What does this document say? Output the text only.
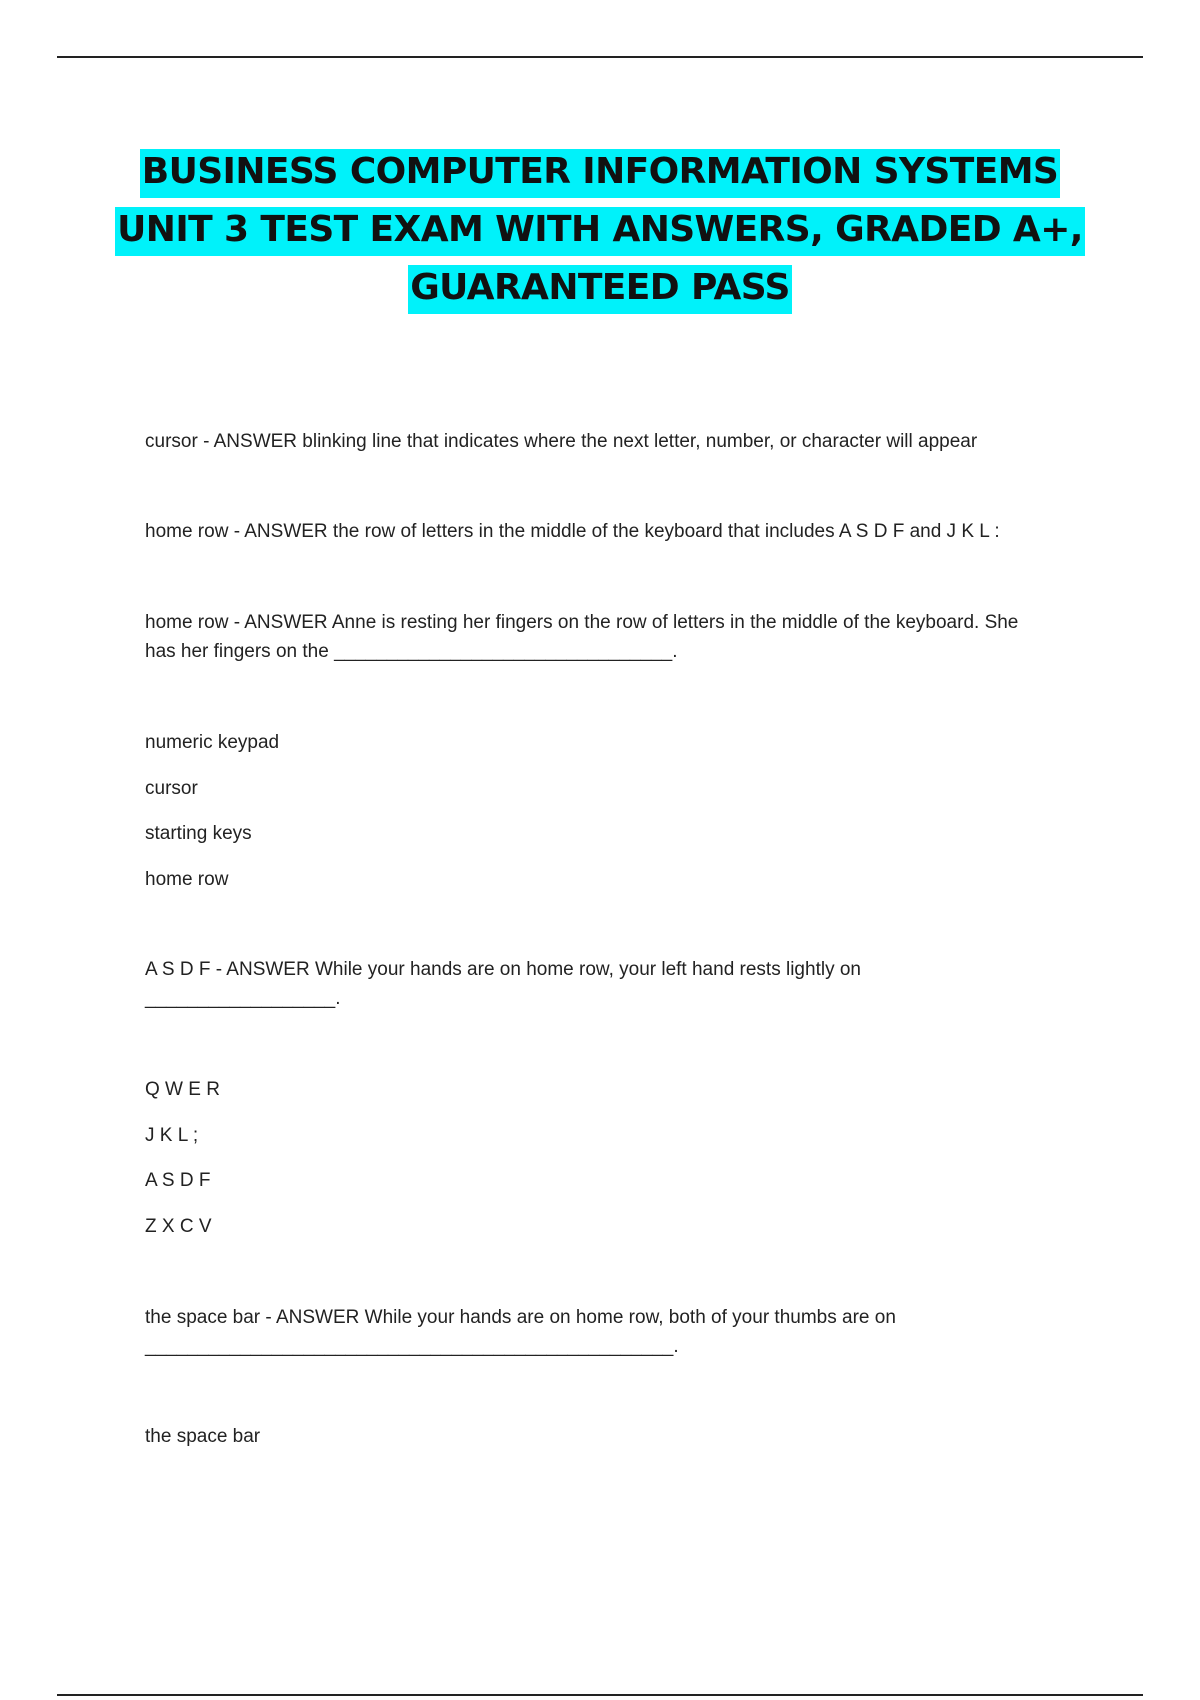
BUSINESS COMPUTER INFORMATION SYSTEMS
UNIT 3 TEST EXAM WITH ANSWERS, GRADED A+,
GUARANTEED PASS
cursor - ANSWER blinking line that indicates where the next letter, number, or character will appear
home row - ANSWER the row of letters in the middle of the keyboard that includes A S D F and J K L :
home row - ANSWER Anne is resting her fingers on the row of letters in the middle of the keyboard. She
has her fingers on the ________________________________.
numeric keypad
cursor
starting keys
home row
A S D F - ANSWER While your hands are on home row, your left hand rests lightly on
__________________.
Q W E R
J K L ;
A S D F
Z X C V
the space bar - ANSWER While your hands are on home row, both of your thumbs are on
__________________________________________________.
the space bar
